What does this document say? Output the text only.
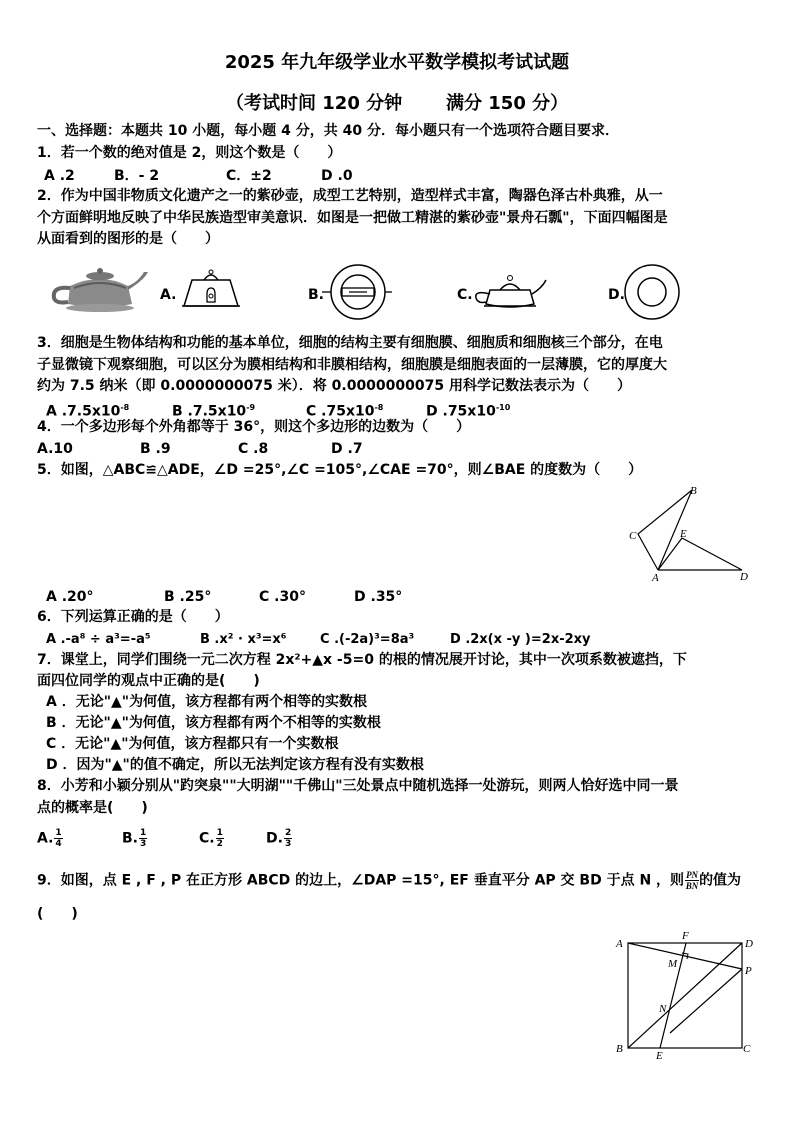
2025 年九年级学业水平数学模拟考试试题
（考试时间 120 分钟 满分 150 分）
一、选择题：本题共 10 小题，每小题 4 分，共 40 分．每小题只有一个选项符合题目要求．
1．若一个数的绝对值是 2，则这个数是（　　）
A .2	B．- 2	C．±2	D .0
2．作为中国非物质文化遗产之一的紫砂壶，成型工艺特别，造型样式丰富，陶器色泽古朴典雅，从一
个方面鲜明地反映了中华民族造型审美意识．如图是一把做工精湛的紫砂壶"景舟石瓢"，下面四幅图是
从面看到的图形的是（　　）
A.	B.	C.	D.
3．细胞是生物体结构和功能的基本单位，细胞的结构主要有细胞膜、细胞质和细胞核三个部分，在电
子显微镜下观察细胞，可以区分为膜相结构和非膜相结构，细胞膜是细胞表面的一层薄膜，它的厚度大
约为 7.5 纳米（即 0.0000000075 米）．将 0.0000000075 用科学记数法表示为（　　）
A $.7.5x10^{-8}$	B $.7.5x10^{-9}$	C $.75x10^{-8}$	D $.75x10^{-10}$
4．一个多边形每个外角都等于 36°，则这个多边形的边数为（　　）
A.10	B .9	C .8	D .7
5．如图，△ABC≌△ADE，∠D =25°,∠C =105°,∠CAE =70°，则∠BAE 的度数为（　　）
B
C	E
A	D
A .20°	B .25°	C .30°	D .35°
6．下列运算正确的是（　　）
A .-a⁸ ÷ a³=-a⁵	B .x² · x³=x⁶	C .(-2a)³=8a³	D .2x(x -y )=2x-2xy
7．课堂上，同学们围绕一元二次方程 2x²+▲x -5=0 的根的情况展开讨论，其中一次项系数被遮挡，下
面四位同学的观点中正确的是(　　)
A ．无论"▲"为何值，该方程都有两个相等的实数根
B ．无论"▲"为何值，该方程都有两个不相等的实数根
C ．无论"▲"为何值，该方程都只有一个实数根
D ．因为"▲"的值不确定，所以无法判定该方程有没有实数根
8．小芳和小颖分别从"趵突泉""大明湖""千佛山"三处景点中随机选择一处游玩，则两人恰好选中同一景
点的概率是(　　)
A. $\frac{1}{4}$	B. $\frac{1}{3}$	C. $\frac{1}{2}$	D. $\frac{2}{3}$
9．如图，点 E , F , P 在正方形 ABCD 的边上，∠DAP =15°, EF 垂直平分 AP 交 BD 于点 N ，则 $\frac{PN}{BN}$ 的值为
(　　)
A	D
F
M
P
N
B
E
C
